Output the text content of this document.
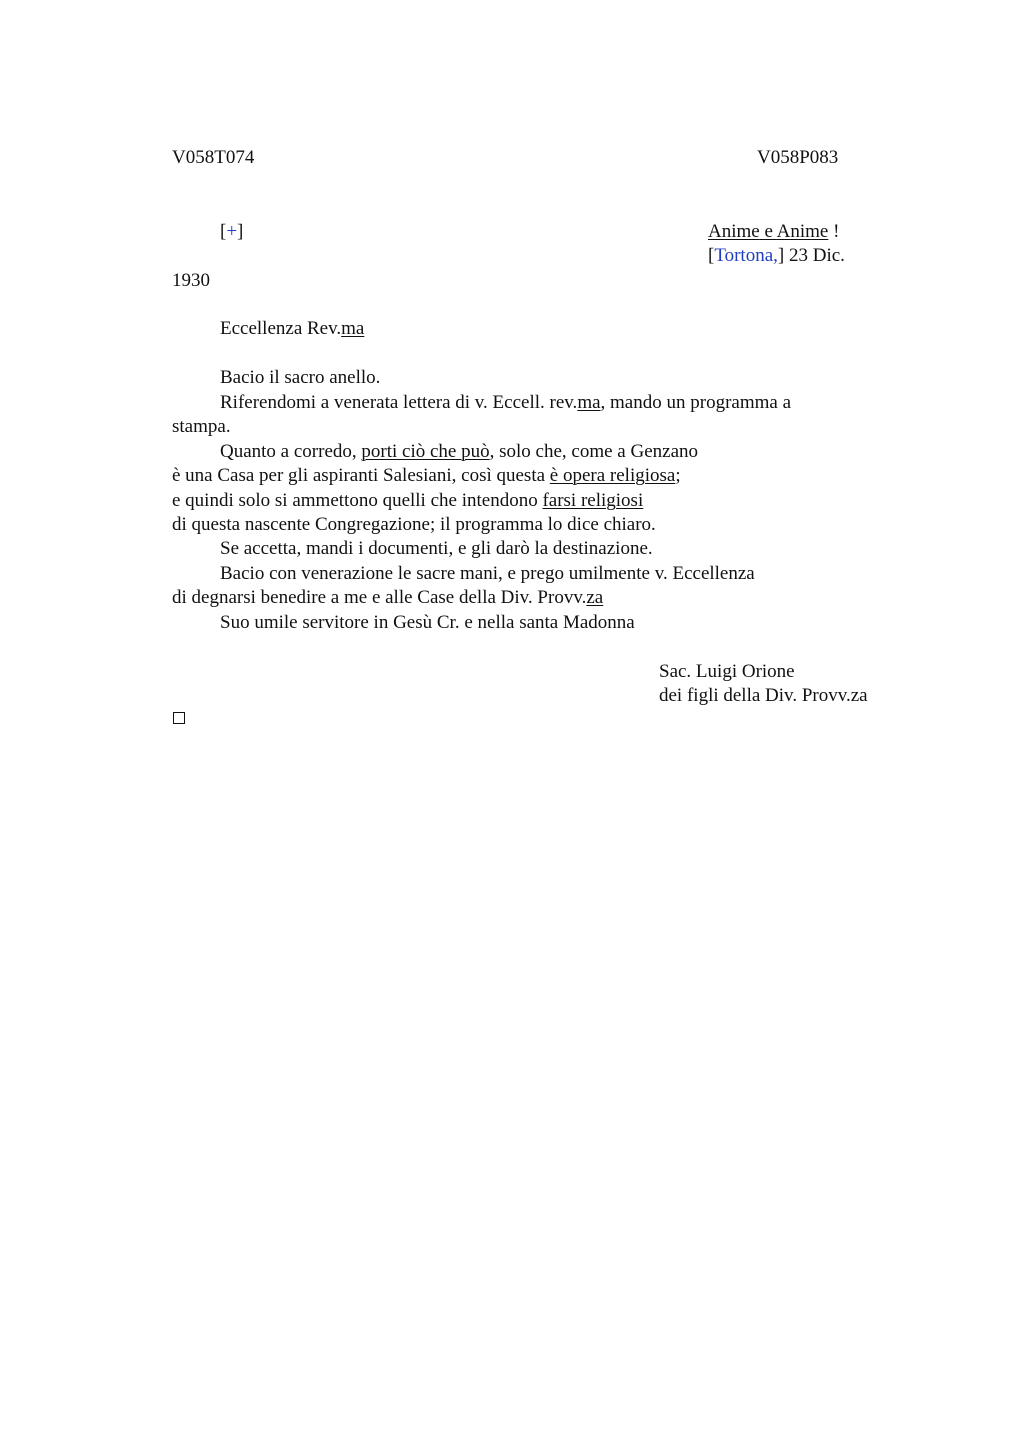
V058T074	V058P083
[+]	Anime e Anime !
[Tortona,] 23 Dic.
1930
Eccellenza Rev.ma
Bacio il sacro anello.
Riferendomi a venerata lettera di v. Eccell. rev.ma, mando un programma a
stampa.
Quanto a corredo, porti ciò che può, solo che, come a Genzano
è una Casa per gli aspiranti Salesiani, così questa è opera religiosa;
e quindi solo si ammettono quelli che intendono farsi religiosi
di questa nascente Congregazione; il programma lo dice chiaro.
Se accetta, mandi i documenti, e gli darò la destinazione.
Bacio con venerazione le sacre mani, e prego umilmente v. Eccellenza
di degnarsi benedire a me e alle Case della Div. Provv.za
Suo umile servitore in Gesù Cr. e nella santa Madonna
Sac. Luigi Orione
dei figli della Div. Provv.za
